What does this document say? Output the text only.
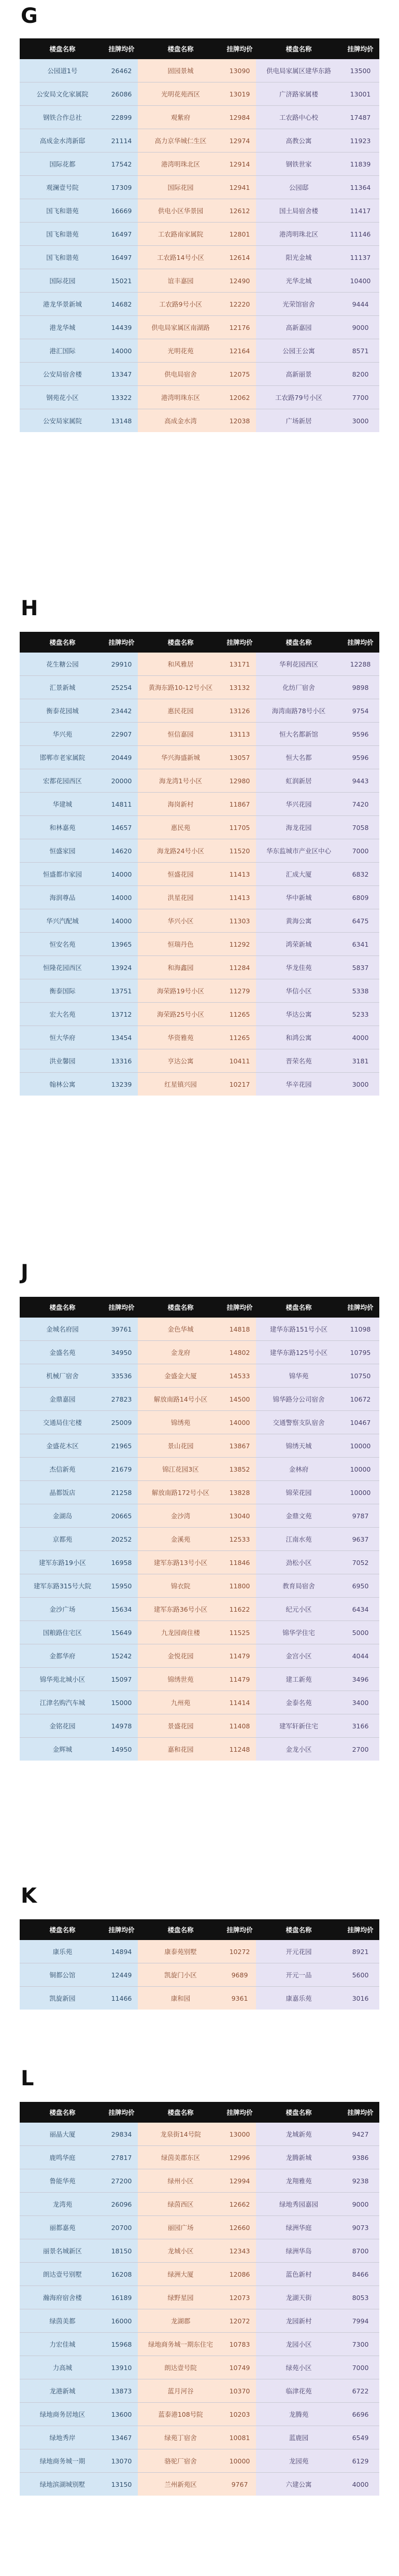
G
楼盘名称	挂牌均价	楼盘名称	挂牌均价	楼盘名称	挂牌均价
公园道1号	26462	固园景城	13090	供电局家属区建华东路	13500
公安局文化家属院	26086	光明花苑西区	13019	广济路家属楼	13001
钢铁合作总社	22899	观紫府	12984	工农路中心校	17487
高成金水湾新邸	21114	高力京华城仁生区	12974	高教公寓	11923
国际花都	17542	港湾明珠北区	12914	钢铁世家	11839
观澜壹号院	17309	国际花园	12941	公园邸	11364
国飞和谐苑	16669	供电小区华景园	12612	国土局宿舍楼	11417
国飞和谐苑	16497	工农路南家属院	12801	港湾明珠北区	11146
国飞和谐苑	16497	工农路14号小区	12614	阳光金城	11137
国际花园	15021	谊丰嘉园	12490	光华北城	10400
港龙华景新城	14682	工农路9号小区	12220	光荣馆宿舍	9444
港龙华城	14439	供电局家属区南湖路	12176	高新嘉园	9000
港汇国际	14000	光明花苑	12164	公园王公寓	8571
公安局宿舍楼	13347	供电局宿舍	12075	高新丽景	8200
钢苑花小区	13322	港湾明珠东区	12062	工农路79号小区	7700
公安局家属院	13148	高成金水湾	12038	广场新居	3000
H
楼盘名称	挂牌均价	楼盘名称	挂牌均价	楼盘名称	挂牌均价
花生糖公园	29910	和风雅居	13171	华利花园西区	12288
汇景新城	25254	黄海东路10-12号小区	13132	化纺厂宿舍	9898
衡泰花园城	23442	惠民花园	13126	海湾南路78号小区	9754
华兴苑	22907	恒信嘉园	13113	恒大名都新馆	9596
邯郸市老家属院	20449	华兴海盛新城	13057	恒大名都	9596
宏都花园西区	20000	海龙湾1号小区	12980	虹润新居	9443
华建城	14811	海岗新村	11867	华兴花园	7420
和林嘉苑	14657	惠民苑	11705	海龙花园	7058
恒盛家园	14620	海龙路24号小区	11520	华东监城市产业区中心	7000
恒盛都市家园	14000	恒盛花园	11413	汇成大厦	6832
海润尊品	14000	洪星花园	11413	华中新城	6809
华兴汽配城	14000	华兴小区	11303	黄海公寓	6475
恒安名苑	13965	恒瑞丹色	11292	鸿荣新城	6341
恒隆花园西区	13924	和海鑫园	11284	华龙佳苑	5837
衡泰国际	13751	海荣路19号小区	11279	华信小区	5338
宏大名苑	13712	海荣路25号小区	11265	华达公寓	5233
恒大华府	13454	华资雅苑	11265	和鸿公寓	4000
洪业馨园	13316	亨达公寓	10411	晋荣名苑	3181
翰林公寓	13239	红星镇兴园	10217	华辛花园	3000
J
楼盘名称	挂牌均价	楼盘名称	挂牌均价	楼盘名称	挂牌均价
金城名府园	39761	金色华城	14818	建华东路151号小区	11098
金盛名苑	34950	金龙府	14802	建华东路125号小区	10795
机械厂宿舍	33536	金盛金大厦	14533	锦华苑	10750
金鼎嘉园	27823	解放南路14号小区	14500	锦华路分公司宿舍	10672
交通局住宅楼	25009	锦绣苑	14000	交通警察支队宿舍	10467
金盛花木区	21965	景山花园	13867	锦绣天城	10000
杰信新苑	21679	锦江花园3区	13852	金林府	10000
晶都饭店	21258	解放南路172号小区	13828	锦荣花园	10000
金湖岛	20665	金沙湾	13040	金鼎文苑	9787
京都苑	20252	金溪苑	12533	江南水苑	9637
建军东路19小区	16958	建军东路13号小区	11846	劲松小区	7052
建军东路315号大院	15950	锦衣院	11800	教育局宿舍	6950
金沙广场	15634	建军东路36号小区	11622	纪元小区	6434
国粮路住宅区	15649	九龙园商住楼	11525	锦华学住宅	5000
金都华府	15242	金悦花园	11479	金宫小区	4044
锦华苑北城小区	15097	锦绣世苑	11479	建工新苑	3496
江津名购汽车城	15000	九州苑	11414	金泰名苑	3400
金铭花园	14978	景盛花园	11408	建军轩新住宅	3166
金辉城	14950	嘉和花园	11248	金龙小区	2700
K
楼盘名称	挂牌均价	楼盘名称	挂牌均价	楼盘名称	挂牌均价
康乐苑	14894	康泰苑别墅	10272	开元花园	8921
铜都公馆	12449	凯旋门小区	9689	开元一品	5600
凯旋新园	11466	康和园	9361	康嘉乐苑	3016
L
楼盘名称	挂牌均价	楼盘名称	挂牌均价	楼盘名称	挂牌均价
丽晶大厦	29834	龙泉街14号院	13000	龙城新苑	9427
鹿鸣华庭	27817	绿茵美郡东区	12996	龙腾新城	9386
鲁能华苑	27200	绿州小区	12994	龙翔雅苑	9238
龙湾苑	26096	绿茵西区	12662	绿地秀园嘉园	9000
丽都嘉苑	20700	丽园广场	12660	绿洲华庭	9073
丽景名城新区	18150	龙城小区	12343	绿洲华岛	8700
朗达壹号别墅	16208	绿洲大厦	12086	蓝色新村	8466
瀚海府宿舍楼	16189	绿野星园	12073	龙湖天街	8053
绿茵美都	16000	龙湖郡	12072	龙园新村	7994
力宏佳城	15968	绿地商务城一期东住宅	10783	龙园小区	7300
力高城	13910	朗达壹号院	10749	绿苑小区	7000
龙港新城	13873	蓝月河谷	10370	临津花苑	6722
绿地商务居地区	13600	蓝泰港108号院	10203	龙腾苑	6696
绿地秀岸	13467	绿苑丁宿舍	10081	蓝鹿园	6549
绿地商务城一期	13070	骆驼厂宿舍	10000	龙园苑	6129
绿地滨湖城别墅	13150	兰州新苑区	9767	六建公寓	4000
